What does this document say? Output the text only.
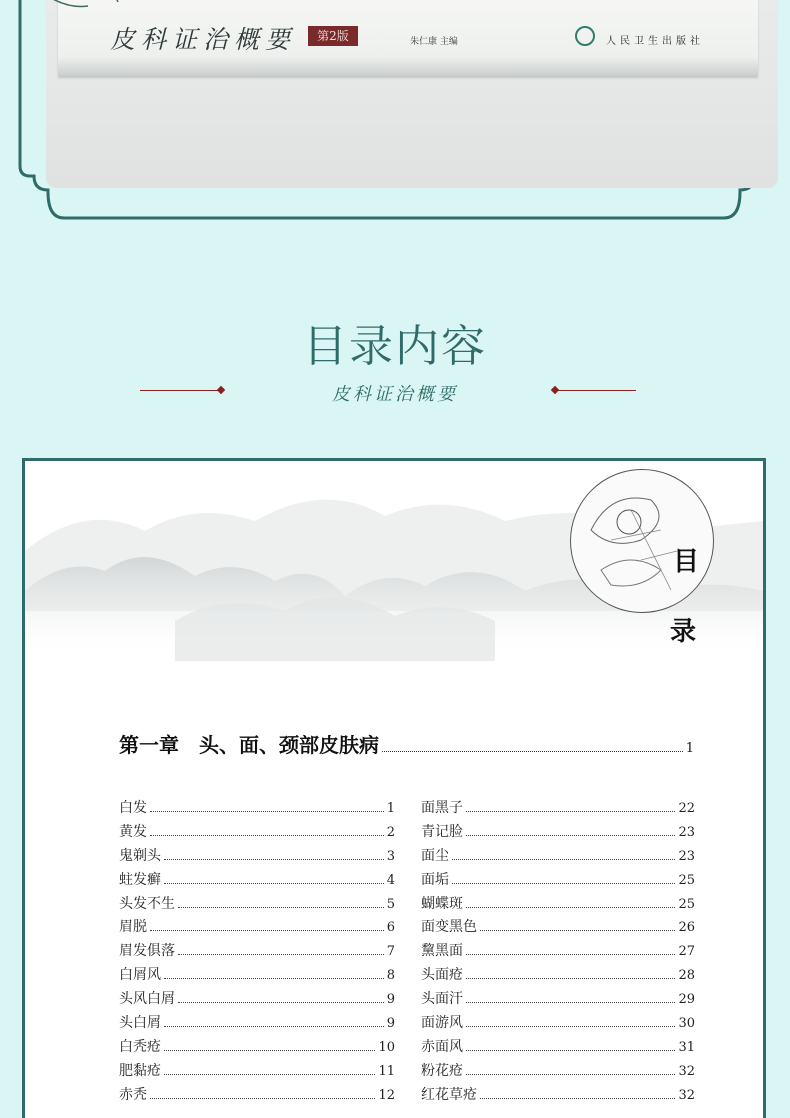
皮科证治概要	第2版	朱仁康 主编	人民卫生出版社
目录内容
皮科证治概要
目
录
第一章　头、面、颈部皮肤病	1
白发	1
黄发	2
鬼剃头	3
蛀发癣	4
头发不生	5
眉脱	6
眉发俱落	7
白屑风	8
头风白屑	9
头白屑	9
白秃疮	10
肥黏疮	11
赤秃	12
面黑子	22
青记脸	23
面尘	23
面垢	25
蝴蝶斑	25
面变黑色	26
黧黑面	27
头面疮	28
头面汗	29
面游风	30
赤面风	31
粉花疮	32
红花草疮	32
